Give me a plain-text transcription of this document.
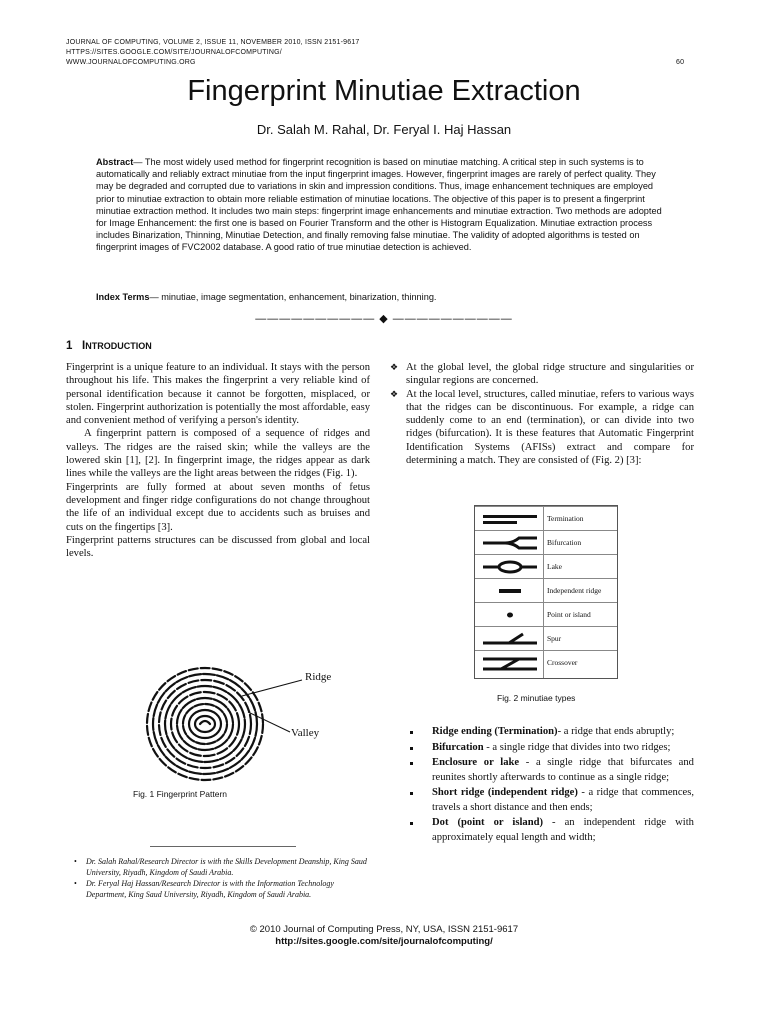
JOURNAL OF COMPUTING, VOLUME 2, ISSUE 11, NOVEMBER 2010, ISSN 2151-9617
HTTPS://SITES.GOOGLE.COM/SITE/JOURNALOFCOMPUTING/
WWW.JOURNALOFCOMPUTING.ORG	60
Fingerprint Minutiae Extraction
Dr. Salah M. Rahal, Dr. Feryal I. Haj Hassan
Abstract— The most widely used method for fingerprint recognition is based on minutiae matching. A critical step in such systems is to automatically and reliably extract minutiae from the input fingerprint images. However, fingerprint images are rarely of perfect quality. They may be degraded and corrupted due to variations in skin and impression conditions. Thus, image enhancement techniques are employed prior to minutiae extraction to obtain more reliable estimation of minutiae locations. The objective of this paper is to present a fingerprint minutiae extraction method. It includes two main steps: fingerprint image enhancements and minutiae extraction. Two methods are adopted for Image Enhancement: the first one is based on Fourier Transform and the other is Histogram Equalization. Minutiae extraction process includes Binarization, Thinning, Minutiae Detection, and finally removing false minutiae. The validity of adopted algorithms is tested on fingerprint images of FVC2002 database. A good ratio of true minutiae detection is achieved.
Index Terms— minutiae, image segmentation, enhancement, binarization, thinning.
—————————— ◆ ——————————
1 INTRODUCTION

Fingerprint is a unique feature to an individual. It stays with the person throughout his life. This makes the fingerprint a very reliable kind of personal identification because it cannot be forgotten, misplaced, or stolen. Fingerprint authorization is potentially the most affordable, easy and convenient method of verifying a person's identity.

A fingerprint pattern is composed of a sequence of ridges and valleys. The ridges are the raised skin; while the valleys are the lowered skin [1], [2]. In fingerprint image, the ridges appear as dark lines while the valleys are the light areas between the ridges (Fig. 1).

Fingerprints are fully formed at about seven months of fetus development and finger ridge configurations do not change throughout the life of an individual except due to accidents such as bruises and cuts on the fingertips [3].

Fingerprint patterns structures can be discussed from global and local levels.

Ridge
Valley
Fig. 1 Fingerprint Pattern
• Dr. Salah Rahal/Research Director is with the Skills Development Deanship, King Saud University, Riyadh, Kingdom of Saudi Arabia.
• Dr. Feryal Haj Hassan/Research Director is with the Information Technology Department, King Saud University, Riyadh, Kingdom of Saudi Arabia.

❖ At the global level, the global ridge structure and singularities or singular regions are concerned.

❖ At the local level, structures, called minutiae, refers to various ways that the ridges can be discontinuous. For example, a ridge can suddenly come to an end (termination), or can divide into two ridges (bifurcation). It is these features that Automatic Fingerprint Identification Systems (AFISs) extract and compare for determining a match. They are consisted of (Fig. 2) [3]:

Termination
Bifurcation
Lake
Independent ridge
Point or island
Spur
Crossover
Fig. 2 minutiae types
Ridge ending (Termination)- a ridge that ends abruptly;
Bifurcation - a single ridge that divides into two ridges;
Enclosure or lake - a single ridge that bifurcates and reunites shortly afterwards to continue as a single ridge;
Short ridge (independent ridge) - a ridge that commences, travels a short distance and then ends;
Dot (point or island) - an independent ridge with approximately equal length and width;
© 2010 Journal of Computing Press, NY, USA, ISSN 2151-9617
http://sites.google.com/site/journalofcomputing/
